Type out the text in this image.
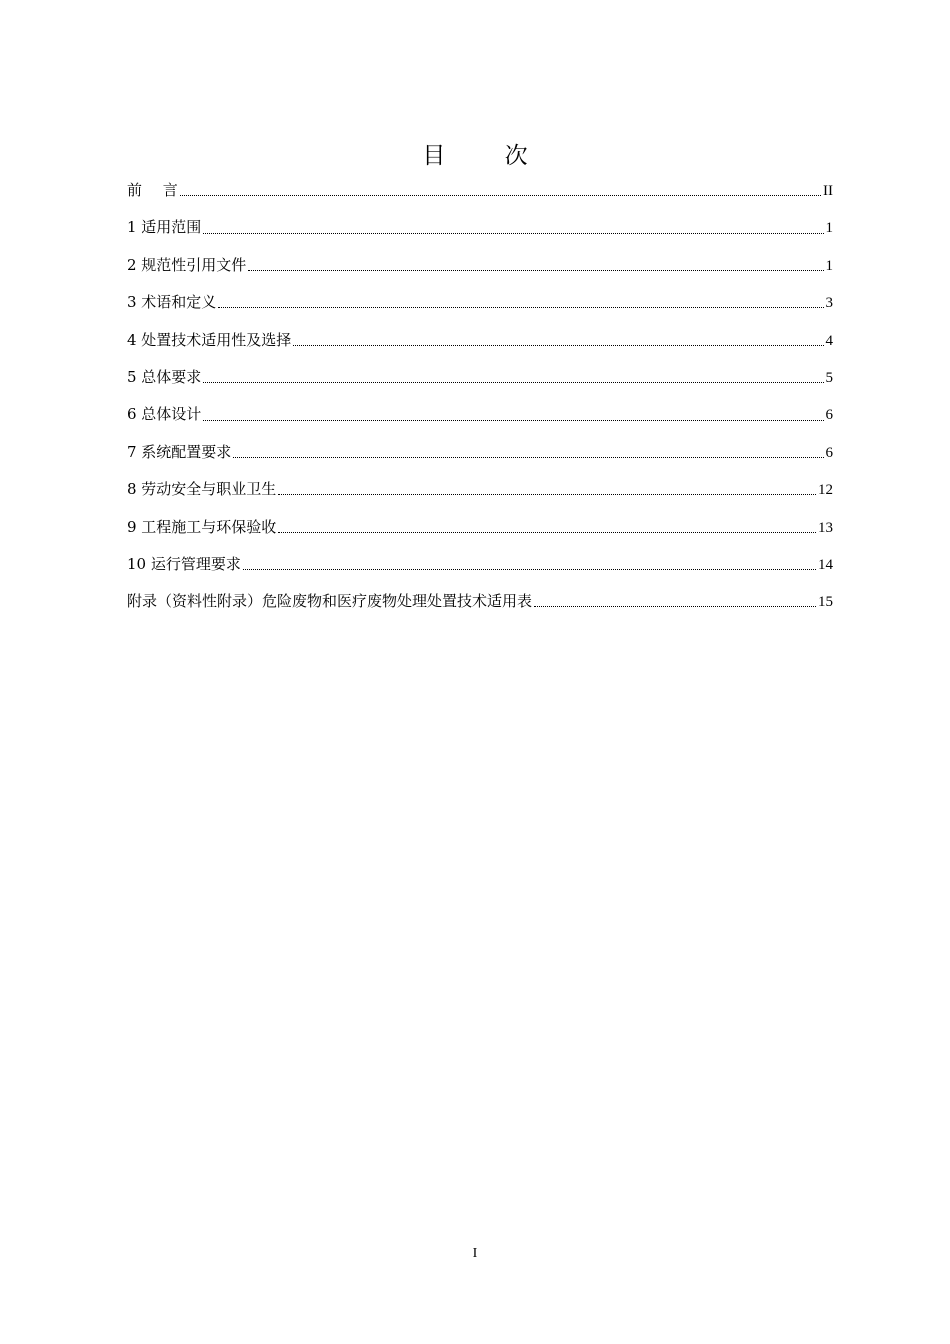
目 次
前 言	II
1 适用范围	1
2 规范性引用文件	1
3 术语和定义	3
4 处置技术适用性及选择	4
5 总体要求	5
6 总体设计	6
7 系统配置要求	6
8 劳动安全与职业卫生	12
9 工程施工与环保验收	13
10 运行管理要求	14
附录（资料性附录）危险废物和医疗废物处理处置技术适用表	15
I
